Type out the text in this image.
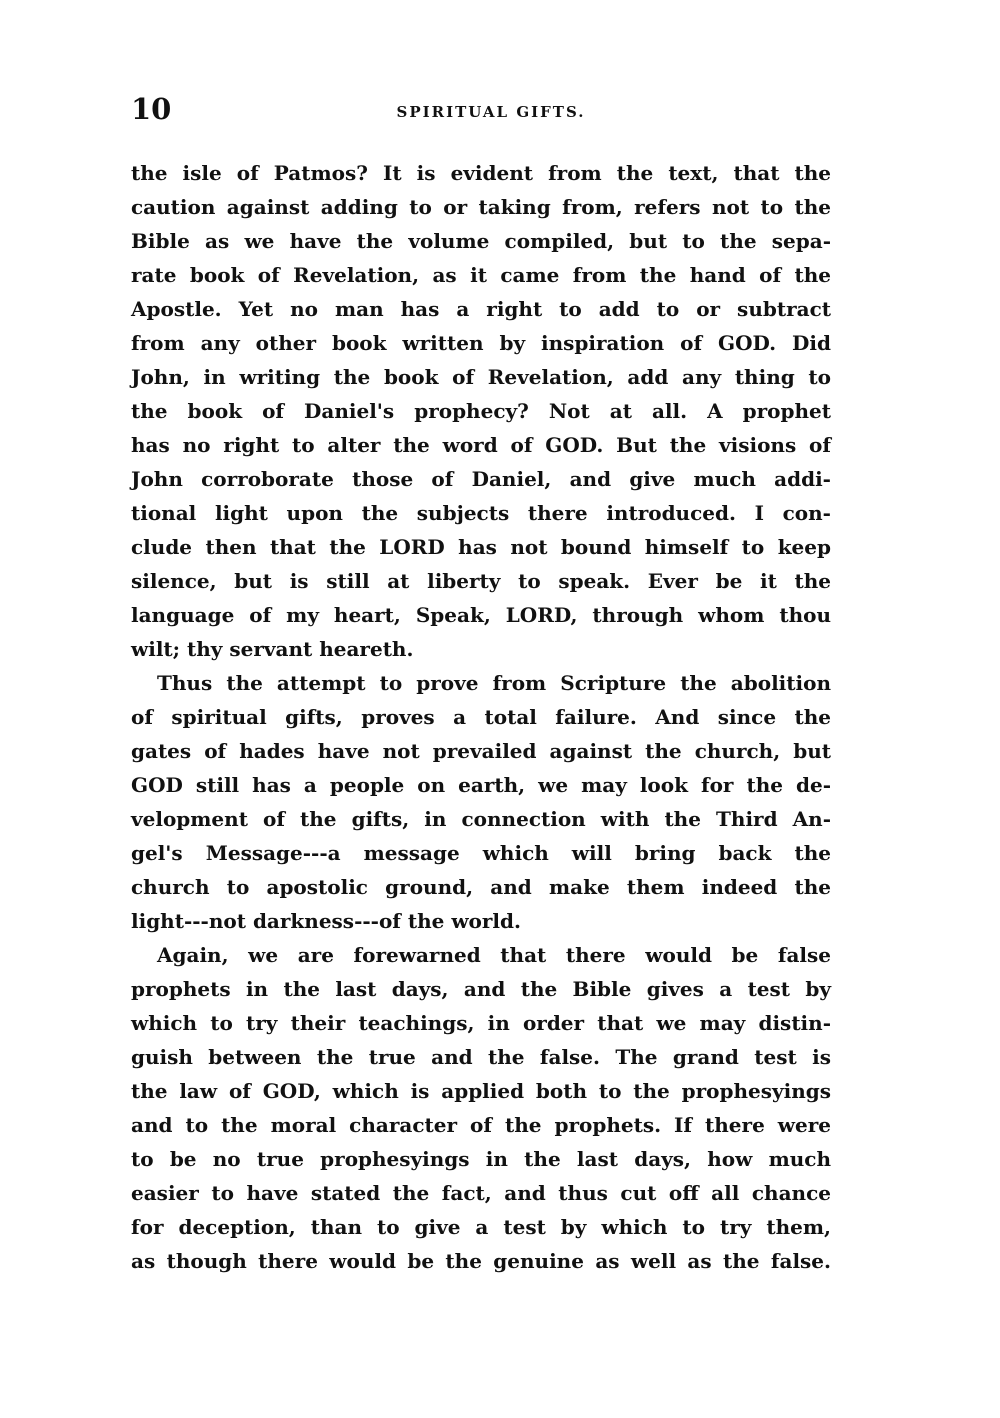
10	SPIRITUAL GIFTS.
the isle of Patmos? It is evident from the text, that the
caution against adding to or taking from, refers not to the
Bible as we have the volume compiled, but to the sepa-
rate book of Revelation, as it came from the hand of the
Apostle. Yet no man has a right to add to or subtract
from any other book written by inspiration of GOD. Did
John, in writing the book of Revelation, add any thing to
the book of Daniel's prophecy? Not at all. A prophet
has no right to alter the word of GOD. But the visions of
John corroborate those of Daniel, and give much addi-
tional light upon the subjects there introduced. I con-
clude then that the LORD has not bound himself to keep
silence, but is still at liberty to speak. Ever be it the
language of my heart, Speak, LORD, through whom thou
wilt; thy servant heareth.
Thus the attempt to prove from Scripture the abolition
of spiritual gifts, proves a total failure. And since the
gates of hades have not prevailed against the church, but
GOD still has a people on earth, we may look for the de-
velopment of the gifts, in connection with the Third An-
gel's Message---a message which will bring back the
church to apostolic ground, and make them indeed the
light---not darkness---of the world.
Again, we are forewarned that there would be false
prophets in the last days, and the Bible gives a test by
which to try their teachings, in order that we may distin-
guish between the true and the false. The grand test is
the law of GOD, which is applied both to the prophesyings
and to the moral character of the prophets. If there were
to be no true prophesyings in the last days, how much
easier to have stated the fact, and thus cut off all chance
for deception, than to give a test by which to try them,
as though there would be the genuine as well as the false.
